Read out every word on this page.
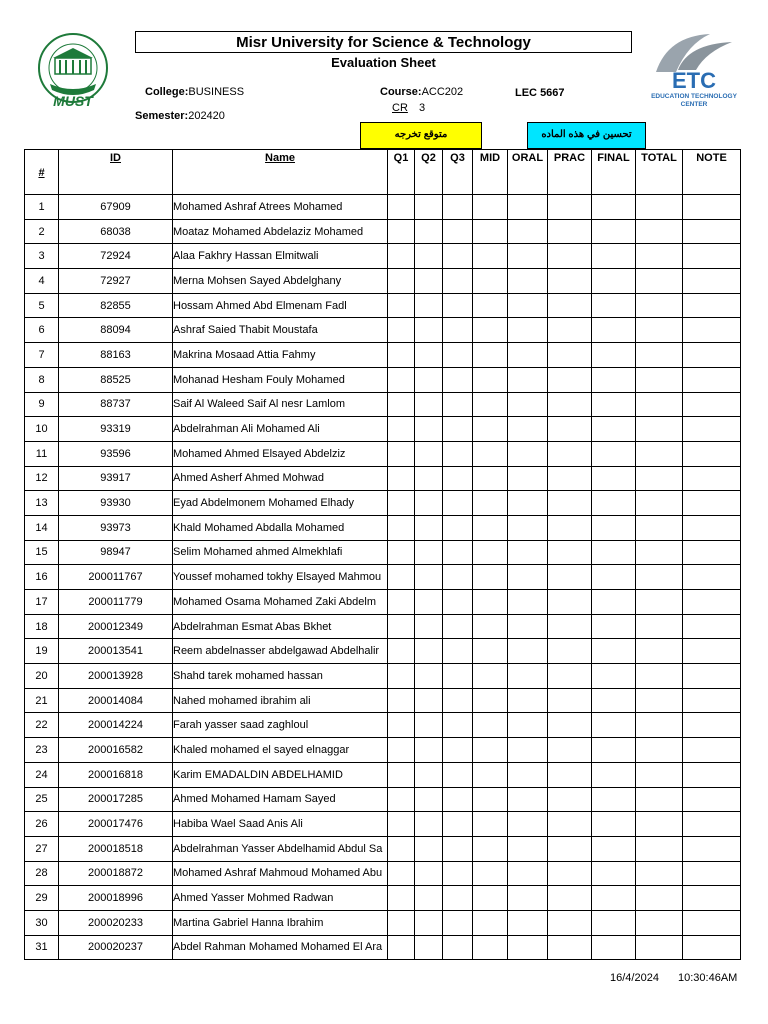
MUST
ETC
EDUCATION TECHNOLOGY
CENTER
Misr University for Science & Technology
Evaluation Sheet
College:BUSINESS
Semester:202420
Course:ACC202
CR 3
LEC 5667
متوقع تخرجه	تحسين في هذه الماده
#	ID	Name	Q1	Q2	Q3	MID	ORAL	PRAC	FINAL	TOTAL	NOTE
1	67909	Mohamed Ashraf Atrees Mohamed									
2	68038	Moataz Mohamed Abdelaziz Mohamed									
3	72924	Alaa Fakhry Hassan Elmitwali									
4	72927	Merna Mohsen Sayed Abdelghany									
5	82855	Hossam Ahmed Abd Elmenam Fadl									
6	88094	Ashraf Saied Thabit Moustafa									
7	88163	Makrina Mosaad Attia Fahmy									
8	88525	Mohanad Hesham Fouly Mohamed									
9	88737	Saif Al Waleed Saif Al nesr Lamlom									
10	93319	Abdelrahman Ali Mohamed Ali									
11	93596	Mohamed Ahmed Elsayed Abdelziz									
12	93917	Ahmed Asherf Ahmed Mohwad									
13	93930	Eyad Abdelmonem Mohamed Elhady									
14	93973	Khald Mohamed Abdalla Mohamed									
15	98947	Selim Mohamed ahmed Almekhlafi									
16	200011767	Youssef mohamed tokhy Elsayed Mahmou									
17	200011779	Mohamed Osama Mohamed Zaki Abdelm									
18	200012349	Abdelrahman Esmat Abas Bkhet									
19	200013541	Reem abdelnasser abdelgawad Abdelhalir									
20	200013928	Shahd tarek mohamed hassan									
21	200014084	Nahed mohamed ibrahim ali									
22	200014224	Farah yasser saad zaghloul									
23	200016582	Khaled mohamed el sayed elnaggar									
24	200016818	Karim EMADALDIN ABDELHAMID									
25	200017285	Ahmed Mohamed Hamam Sayed									
26	200017476	Habiba Wael Saad Anis Ali									
27	200018518	Abdelrahman Yasser Abdelhamid Abdul Sa									
28	200018872	Mohamed Ashraf Mahmoud Mohamed Abu									
29	200018996	Ahmed Yasser Mohmed Radwan									
30	200020233	Martina Gabriel Hanna Ibrahim									
31	200020237	Abdel Rahman Mohamed Mohamed El Ara									
16/4/2024 10:30:46AM
